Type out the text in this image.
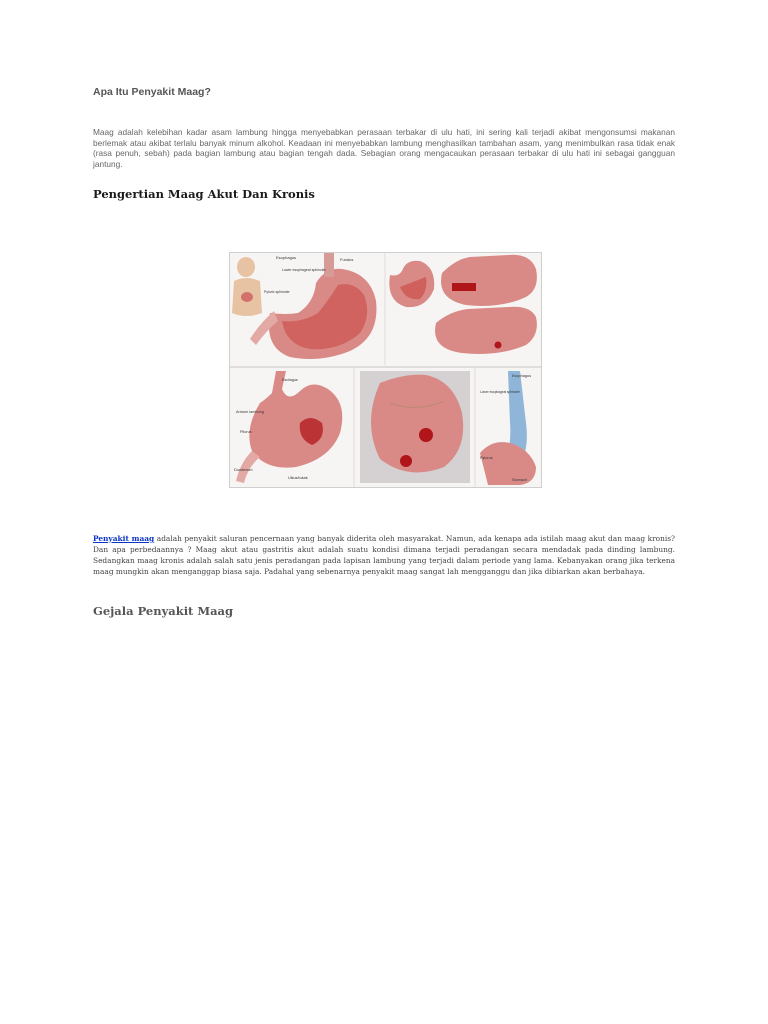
Apa Itu Penyakit Maag?

Maag adalah kelebihan kadar asam lambung hingga menyebabkan perasaan terbakar di ulu hati, ini sering kali terjadi akibat mengonsumsi makanan berlemak atau akibat terlalu banyak minum alkohol. Keadaan ini menyebabkan lambung menghasilkan tambahan asam, yang menimbulkan rasa tidak enak (rasa penuh, sebah) pada bagian lambung atau bagian tengah dada. Sebagian orang mengacaukan perasaan terbakar di ulu hati ini sebagai gangguan jantung.

Pengertian Maag Akut Dan Kronis
Esophagus	Fundus
Lower esophageal sphincter
Pyloric sphincter
Esofagus
Antrum lambung
Pilorus
Duodenum
Ulkus/tukak
Esophagus
Lower esophageal sphincter
Pylorus
Stomach

Penyakit maag adalah penyakit saluran pencernaan yang banyak diderita oleh masyarakat. Namun, ada kenapa ada istilah maag akut dan maag kronis? Dan apa perbedaannya ? Maag akut atau gastritis akut adalah suatu kondisi dimana terjadi peradangan secara mendadak pada dinding lambung. Sedangkan maag kronis adalah salah satu jenis peradangan pada lapisan lambung yang terjadi dalam periode yang lama. Kebanyakan orang jika terkena maag mungkin akan menganggap biasa saja. Padahal yang sebenarnya penyakit maag sangat lah mengganggu dan jika dibiarkan akan berbahaya.

Gejala Penyakit Maag
